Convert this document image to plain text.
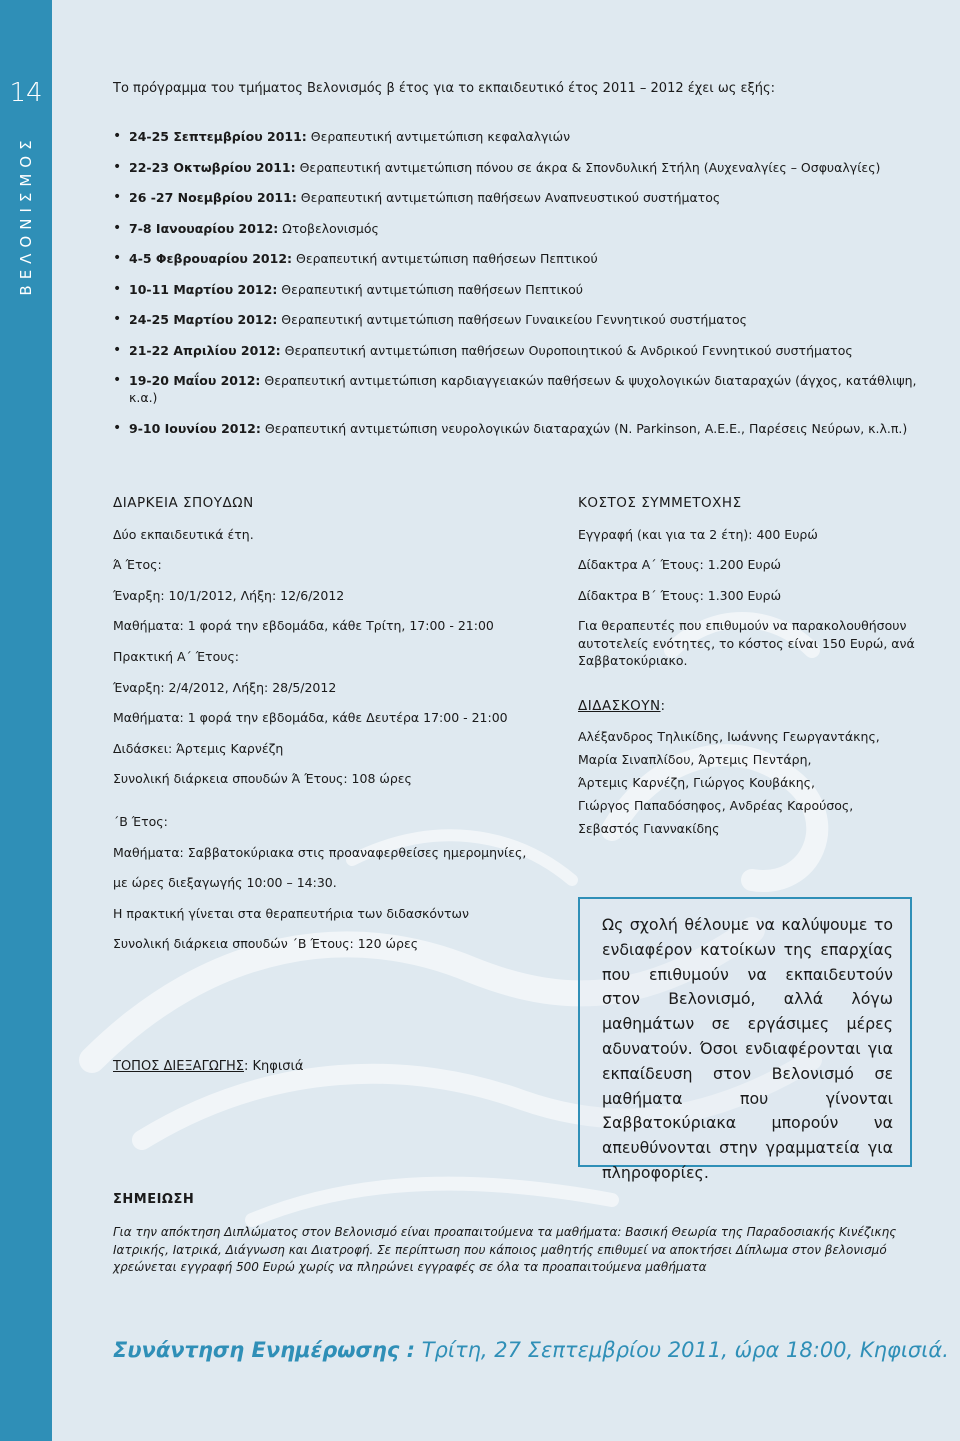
14
ΒΕΛΟΝΙΣΜΟΣ
Το πρόγραμμα του τμήματος Βελονισμός β έτος για το εκπαιδευτικό έτος 2011 – 2012 έχει ως εξής:
• 24-25 Σεπτεμβρίου 2011: Θεραπευτική αντιμετώπιση κεφαλαλγιών
• 22-23 Οκτωβρίου 2011: Θεραπευτική αντιμετώπιση πόνου σε άκρα & Σπονδυλική Στήλη (Αυχεναλγίες – Οσφυαλγίες)
• 26 -27 Νοεμβρίου 2011: Θεραπευτική αντιμετώπιση παθήσεων Αναπνευστικού συστήματος
• 7-8 Ιανουαρίου 2012: Ωτοβελονισμός
• 4-5 Φεβρουαρίου 2012: Θεραπευτική αντιμετώπιση παθήσεων Πεπτικού
• 10-11 Μαρτίου 2012: Θεραπευτική αντιμετώπιση παθήσεων Πεπτικού
• 24-25 Μαρτίου 2012: Θεραπευτική αντιμετώπιση παθήσεων Γυναικείου Γεννητικού συστήματος
• 21-22 Απριλίου 2012: Θεραπευτική αντιμετώπιση παθήσεων Ουροποιητικού & Ανδρικού Γεννητικού συστήματος
• 19-20 Μαΐου 2012: Θεραπευτική αντιμετώπιση καρδιαγγειακών παθήσεων & ψυχολογικών διαταραχών (άγχος, κατάθλιψη, κ.α.)
• 9-10 Ιουνίου 2012: Θεραπευτική αντιμετώπιση νευρολογικών διαταραχών (Ν. Parkinson, Α.Ε.Ε., Παρέσεις Νεύρων, κ.λ.π.)
ΔΙΑΡΚΕΙΑ ΣΠΟΥΔΩΝ
Δύο εκπαιδευτικά έτη.
Ά Έτος:
Έναρξη: 10/1/2012, Λήξη: 12/6/2012
Μαθήματα: 1 φορά την εβδομάδα, κάθε Τρίτη, 17:00 - 21:00
Πρακτική Α΄ Έτους:
Έναρξη: 2/4/2012, Λήξη: 28/5/2012
Μαθήματα: 1 φορά την εβδομάδα, κάθε Δευτέρα 17:00 - 21:00
Διδάσκει: Άρτεμις Καρνέζη
Συνολική διάρκεια σπουδών Ά Έτους: 108 ώρες
΄Β Έτος:
Μαθήματα: Σαββατοκύριακα στις προαναφερθείσες ημερομηνίες,
με ώρες διεξαγωγής 10:00 – 14:30.
Η πρακτική γίνεται στα θεραπευτήρια των διδασκόντων
Συνολική διάρκεια σπουδών ΄Β Έτους: 120 ώρες
ΚΟΣΤΟΣ ΣΥΜΜΕΤΟΧΗΣ
Εγγραφή (και για τα 2 έτη): 400 Ευρώ
Δίδακτρα Α΄ Έτους: 1.200 Ευρώ
Δίδακτρα Β΄ Έτους: 1.300 Ευρώ
Για θεραπευτές που επιθυμούν να παρακολουθήσουν αυτοτελείς ενότητες, το κόστος είναι 150 Ευρώ, ανά Σαββατοκύριακο.
ΔΙΔΑΣΚΟΥΝ:
Αλέξανδρος Τηλικίδης, Ιωάννης Γεωργαντάκης,
Μαρία Σιναπλίδου, Άρτεμις Πεντάρη,
Άρτεμις Καρνέζη, Γιώργος Κουβάκης,
Γιώργος Παπαδόσηφος, Ανδρέας Καρούσος,
Σεβαστός Γιαννακίδης

Ως σχολή θέλουμε να καλύψουμε το ενδιαφέρον κατοίκων της επαρχίας που επιθυμούν να εκπαιδευτούν στον Βελονισμό, αλλά λόγω μαθημάτων σε εργάσιμες μέρες αδυνατούν. Όσοι ενδιαφέρονται για εκπαίδευση στον Βελονισμό σε μαθήματα που γίνονται Σαββατοκύριακα μπορούν να απευθύνονται στην γραμματεία για πληροφορίες.

ΤΟΠΟΣ ΔΙΕΞΑΓΩΓΗΣ: Κηφισιά
ΣΗΜΕΙΩΣΗ
Για την απόκτηση Διπλώματος στον Βελονισμό είναι προαπαιτούμενα τα μαθήματα: Βασική Θεωρία της Παραδοσιακής Κινέζικης Ιατρικής, Ιατρικά, Διάγνωση και Διατροφή. Σε περίπτωση που κάποιος μαθητής επιθυμεί να αποκτήσει Δίπλωμα στον βελονισμό χρεώνεται εγγραφή 500 Ευρώ χωρίς να πληρώνει εγγραφές σε όλα τα προαπαιτούμενα μαθήματα
Συνάντηση Ενημέρωσης : Τρίτη, 27 Σεπτεμβρίου 2011, ώρα 18:00, Κηφισιά.
